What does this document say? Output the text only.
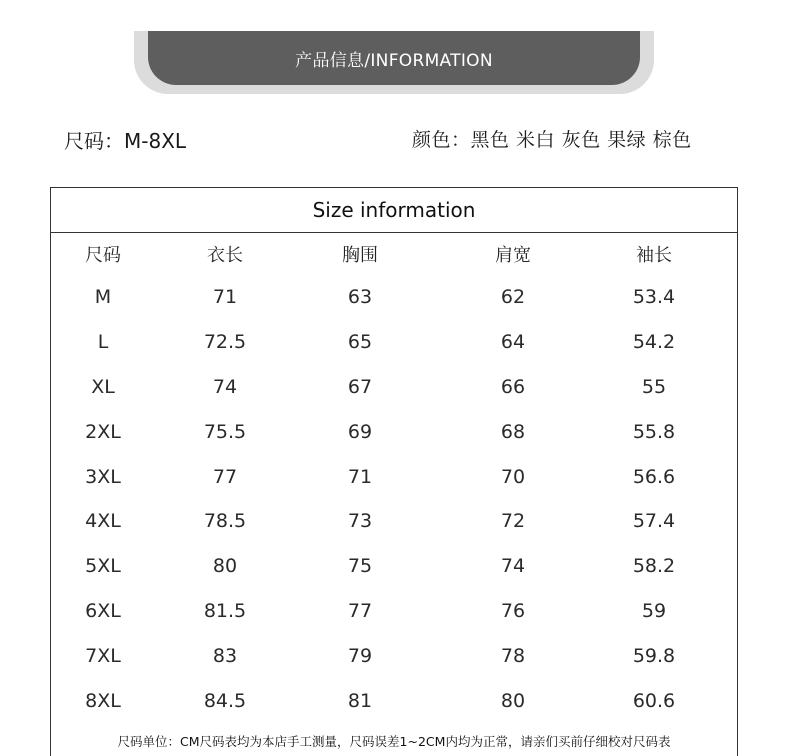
产品信息/INFORMATION
尺码：M-8XL	颜色：黑色 米白 灰色 果绿 棕色
Size information
尺码	衣长	胸围	肩宽	袖长
M	71	63	62	53.4
L	72.5	65	64	54.2
XL	74	67	66	55
2XL	75.5	69	68	55.8
3XL	77	71	70	56.6
4XL	78.5	73	72	57.4
5XL	80	75	74	58.2
6XL	81.5	77	76	59
7XL	83	79	78	59.8
8XL	84.5	81	80	60.6
尺码单位：CM尺码表均为本店手工测量，尺码误差1~2CM内均为正常，请亲们买前仔细校对尺码表
